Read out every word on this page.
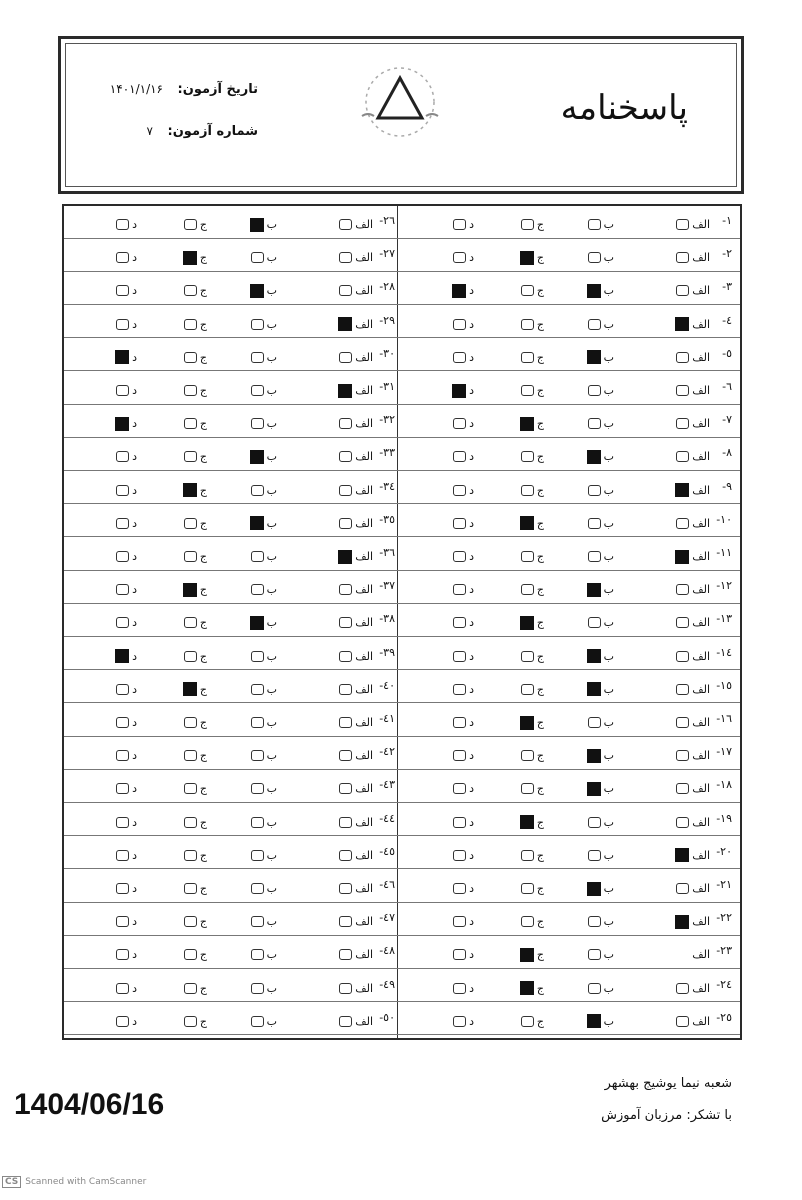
پاسخنامه
تاریخ آزمون: ۱۴۰۱/۱/۱۶
شماره آزمون: ۷
۱-
الف
ب
ج
د
۲-
الف
ب
ج
د
۳-
الف
ب
ج
د
٤-
الف
ب
ج
د
٥-
الف
ب
ج
د
٦-
الف
ب
ج
د
۷-
الف
ب
ج
د
۸-
الف
ب
ج
د
۹-
الف
ب
ج
د
۱۰-
الف
ب
ج
د
۱۱-
الف
ب
ج
د
۱۲-
الف
ب
ج
د
۱۳-
الف
ب
ج
د
۱٤-
الف
ب
ج
د
۱٥-
الف
ب
ج
د
۱٦-
الف
ب
ج
د
۱۷-
الف
ب
ج
د
۱۸-
الف
ب
ج
د
۱۹-
الف
ب
ج
د
۲۰-
الف
ب
ج
د
۲۱-
الف
ب
ج
د
۲۲-
الف
ب
ج
د
۲۳-
الف
ب
ج
د
۲٤-
الف
ب
ج
د
۲٥-
الف
ب
ج
د
۲٦-
الف
ب
ج
د
۲۷-
الف
ب
ج
د
۲۸-
الف
ب
ج
د
۲۹-
الف
ب
ج
د
۳۰-
الف
ب
ج
د
۳۱-
الف
ب
ج
د
۳۲-
الف
ب
ج
د
۳۳-
الف
ب
ج
د
۳٤-
الف
ب
ج
د
۳٥-
الف
ب
ج
د
۳٦-
الف
ب
ج
د
۳۷-
الف
ب
ج
د
۳۸-
الف
ب
ج
د
۳۹-
الف
ب
ج
د
٤۰-
الف
ب
ج
د
٤۱-
الف
ب
ج
د
٤۲-
الف
ب
ج
د
٤۳-
الف
ب
ج
د
٤٤-
الف
ب
ج
د
٤٥-
الف
ب
ج
د
٤٦-
الف
ب
ج
د
٤۷-
الف
ب
ج
د
٤۸-
الف
ب
ج
د
٤۹-
الف
ب
ج
د
٥۰-
الف
ب
ج
د
1404/06/16
شعبه نیما یوشیج بهشهر
با تشکر: مرزبان آموزش
CS Scanned with CamScanner
